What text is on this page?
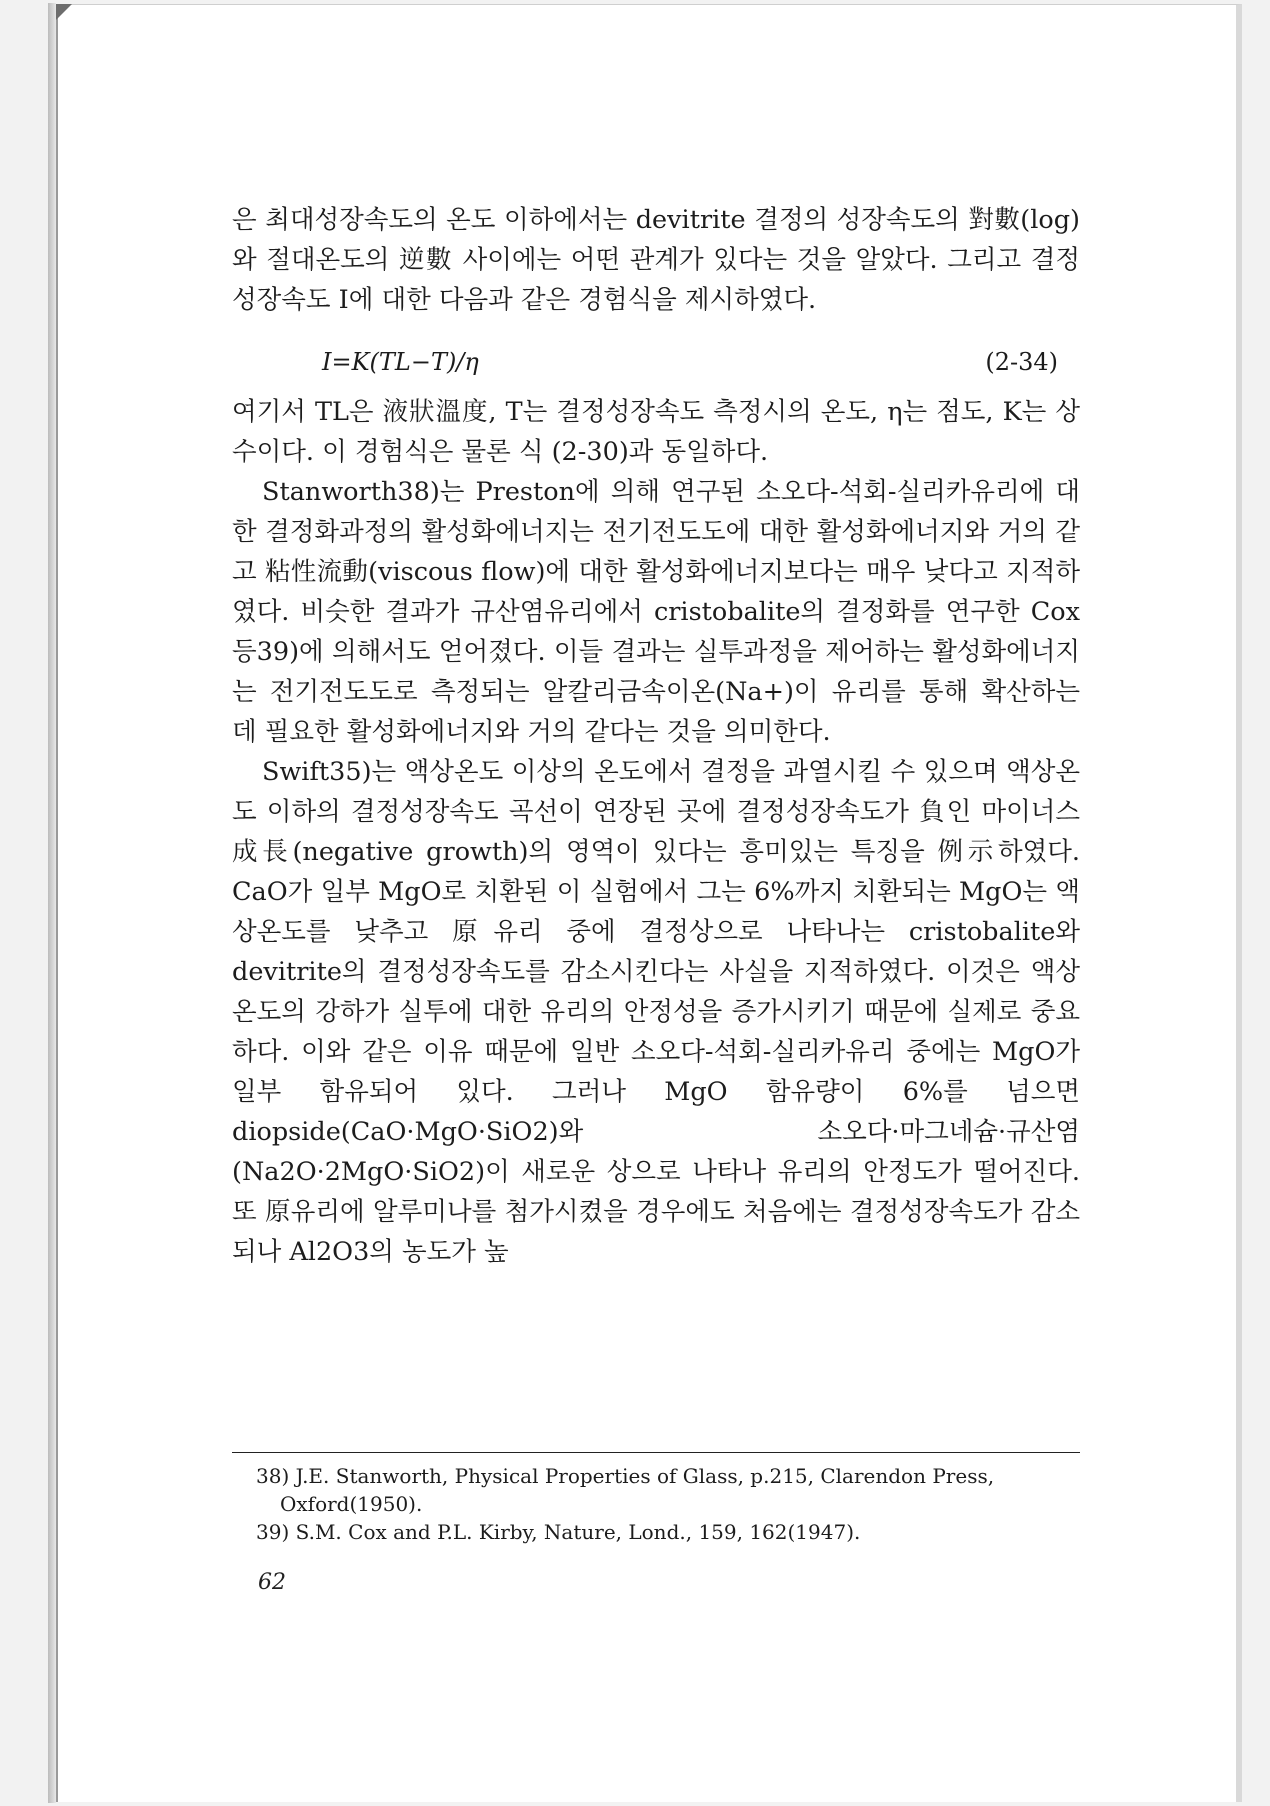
은 최대성장속도의 온도 이하에서는 devitrite 결정의 성장속도의 對數(log)와 절대온도의 逆數 사이에는 어떤 관계가 있다는 것을 알았다. 그리고 결정성장속도 I에 대한 다음과 같은 경험식을 제시하였다.

I=K(TL−T)/η	(2-34)

여기서 TL은 液狀溫度, T는 결정성장속도 측정시의 온도, η는 점도, K는 상수이다. 이 경험식은 물론 식 (2-30)과 동일하다.

Stanworth38)는 Preston에 의해 연구된 소오다-석회-실리카유리에 대한 결정화과정의 활성화에너지는 전기전도도에 대한 활성화에너지와 거의 같고 粘性流動(viscous flow)에 대한 활성화에너지보다는 매우 낮다고 지적하였다. 비슷한 결과가 규산염유리에서 cristobalite의 결정화를 연구한 Cox 등39)에 의해서도 얻어졌다. 이들 결과는 실투과정을 제어하는 활성화에너지는 전기전도도로 측정되는 알칼리금속이온(Na+)이 유리를 통해 확산하는 데 필요한 활성화에너지와 거의 같다는 것을 의미한다.

Swift35)는 액상온도 이상의 온도에서 결정을 과열시킬 수 있으며 액상온도 이하의 결정성장속도 곡선이 연장된 곳에 결정성장속도가 負인 마이너스成長(negative growth)의 영역이 있다는 흥미있는 특징을 例示하였다. CaO가 일부 MgO로 치환된 이 실험에서 그는 6%까지 치환되는 MgO는 액상온도를 낮추고 原유리 중에 결정상으로 나타나는 cristobalite와 devitrite의 결정성장속도를 감소시킨다는 사실을 지적하였다. 이것은 액상온도의 강하가 실투에 대한 유리의 안정성을 증가시키기 때문에 실제로 중요하다. 이와 같은 이유 때문에 일반 소오다-석회-실리카유리 중에는 MgO가 일부 함유되어 있다. 그러나 MgO 함유량이 6%를 넘으면 diopside(CaO·MgO·SiO2)와 소오다·마그네슘·규산염(Na2O·2MgO·SiO2)이 새로운 상으로 나타나 유리의 안정도가 떨어진다. 또 原유리에 알루미나를 첨가시켰을 경우에도 처음에는 결정성장속도가 감소되나 Al2O3의 농도가 높

38) J.E. Stanworth, Physical Properties of Glass, p.215, Clarendon Press,
Oxford(1950).
39) S.M. Cox and P.L. Kirby, Nature, Lond., 159, 162(1947).
62
